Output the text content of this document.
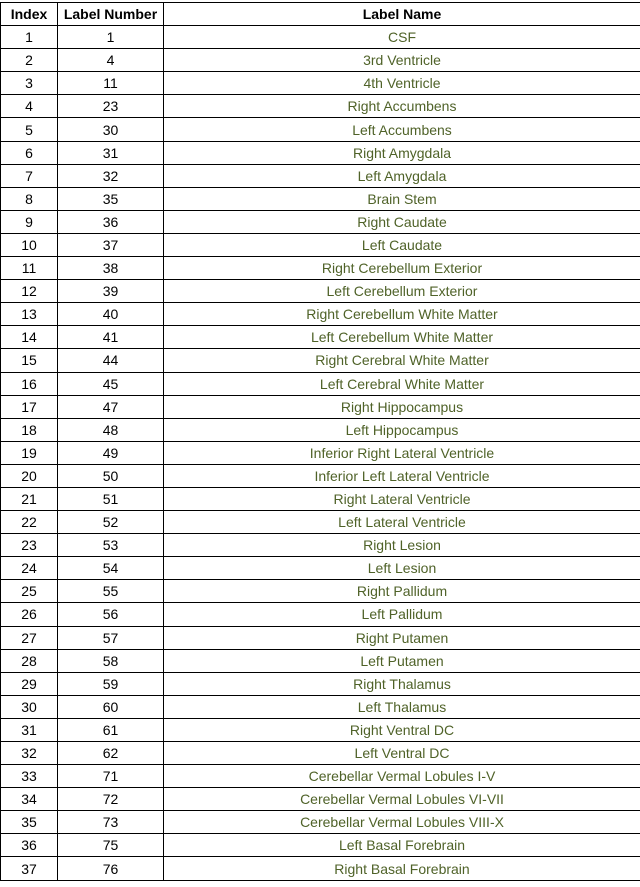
Index	Label Number	Label Name
1	1	CSF
2	4	3rd Ventricle
3	11	4th Ventricle
4	23	Right Accumbens
5	30	Left Accumbens
6	31	Right Amygdala
7	32	Left Amygdala
8	35	Brain Stem
9	36	Right Caudate
10	37	Left Caudate
11	38	Right Cerebellum Exterior
12	39	Left Cerebellum Exterior
13	40	Right Cerebellum White Matter
14	41	Left Cerebellum White Matter
15	44	Right Cerebral White Matter
16	45	Left Cerebral White Matter
17	47	Right Hippocampus
18	48	Left Hippocampus
19	49	Inferior Right Lateral Ventricle
20	50	Inferior Left Lateral Ventricle
21	51	Right Lateral Ventricle
22	52	Left Lateral Ventricle
23	53	Right Lesion
24	54	Left Lesion
25	55	Right Pallidum
26	56	Left Pallidum
27	57	Right Putamen
28	58	Left Putamen
29	59	Right Thalamus
30	60	Left Thalamus
31	61	Right Ventral DC
32	62	Left Ventral DC
33	71	Cerebellar Vermal Lobules I-V
34	72	Cerebellar Vermal Lobules VI-VII
35	73	Cerebellar Vermal Lobules VIII-X
36	75	Left Basal Forebrain
37	76	Right Basal Forebrain
